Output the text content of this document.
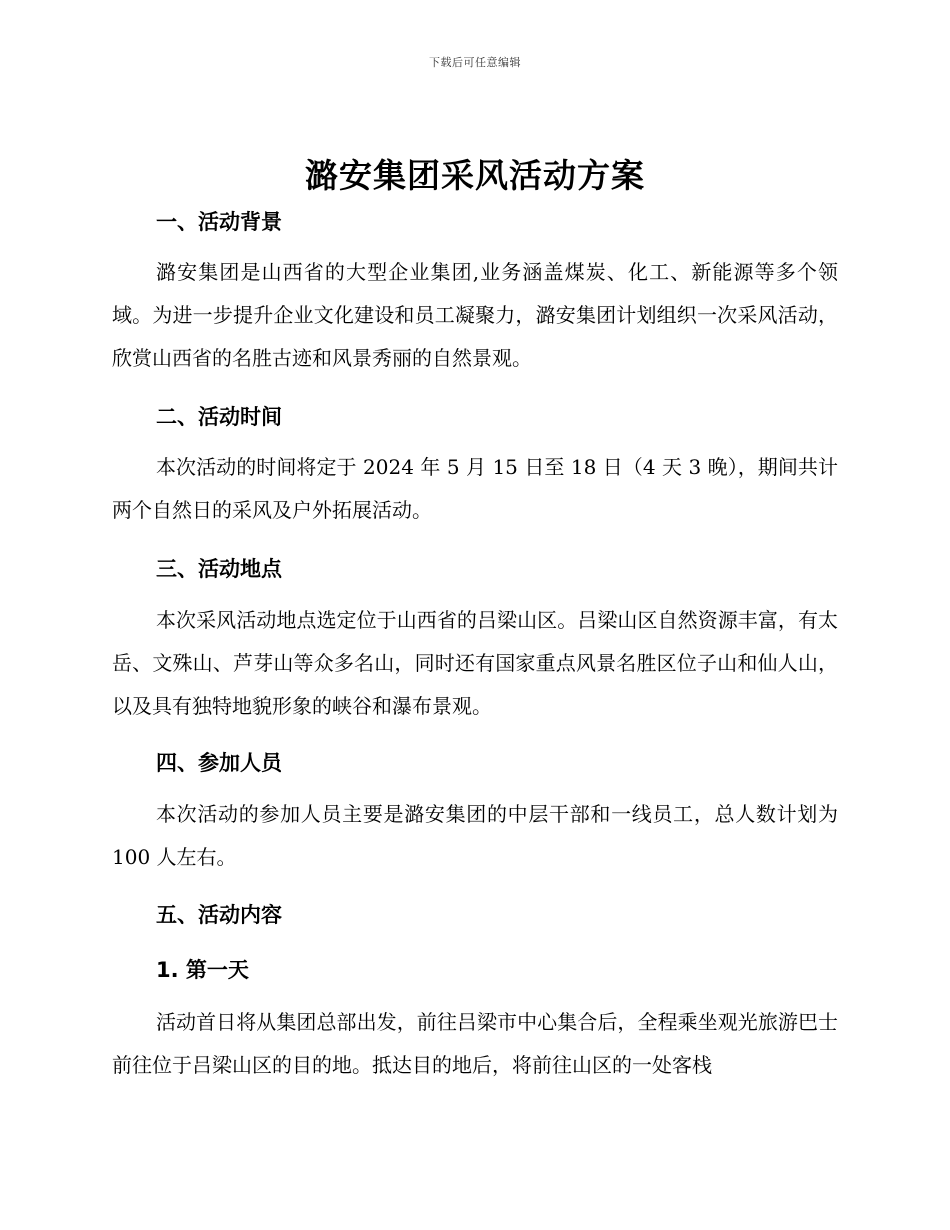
下载后可任意编辑
潞安集团采风活动方案
一、活动背景

潞安集团是山西省的大型企业集团,业务涵盖煤炭、化工、新能源等多个领域。为进一步提升企业文化建设和员工凝聚力，潞安集团计划组织一次采风活动，欣赏山西省的名胜古迹和风景秀丽的自然景观。

二、活动时间

本次活动的时间将定于 2024 年 5 月 15 日至 18 日（4 天 3 晚），期间共计两个自然日的采风及户外拓展活动。

三、活动地点

本次采风活动地点选定位于山西省的吕梁山区。吕梁山区自然资源丰富，有太岳、文殊山、芦芽山等众多名山，同时还有国家重点风景名胜区位子山和仙人山，以及具有独特地貌形象的峡谷和瀑布景观。

四、参加人员

本次活动的参加人员主要是潞安集团的中层干部和一线员工，总人数计划为 100 人左右。

五、活动内容
1. 第一天

活动首日将从集团总部出发，前往吕梁市中心集合后，全程乘坐观光旅游巴士前往位于吕梁山区的目的地。抵达目的地后，将前往山区的一处客栈
